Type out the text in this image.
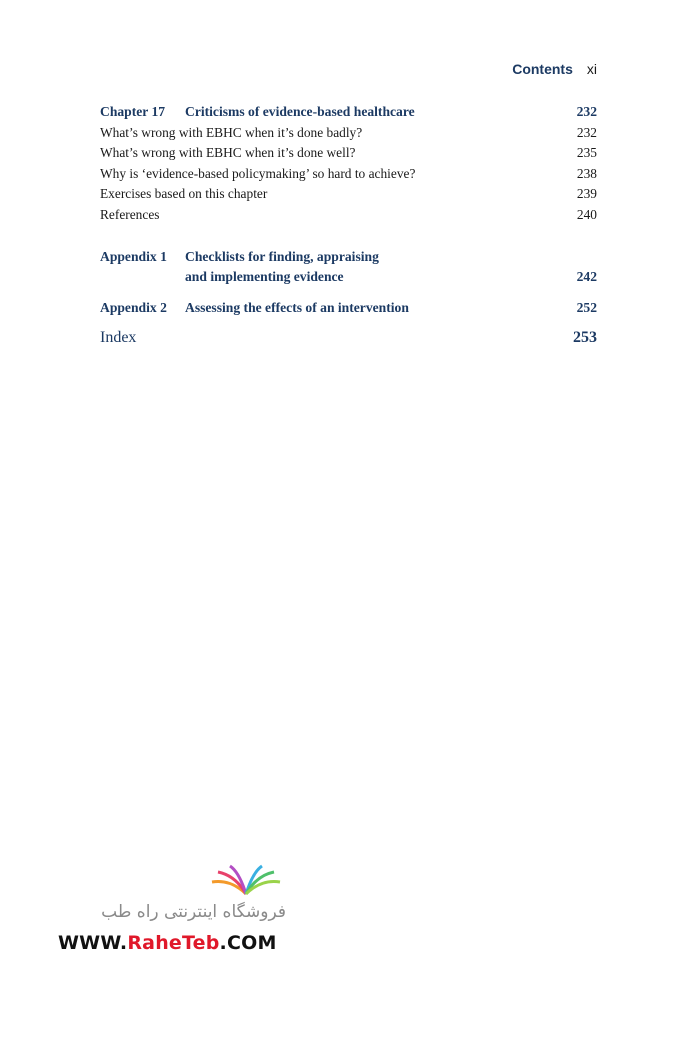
Contents xi
Chapter 17 Criticisms of evidence-based healthcare	232
What’s wrong with EBHC when it’s done badly?	232
What’s wrong with EBHC when it’s done well?	235
Why is ‘evidence-based policymaking’ so hard to achieve?	238
Exercises based on this chapter	239
References	240
Appendix 1 Checklists for finding, appraising
and implementing evidence	242
Appendix 2 Assessing the effects of an intervention	252
Index	253
فروشگاه اینترنتی راه طب
WWW.RaheTeb.COM
